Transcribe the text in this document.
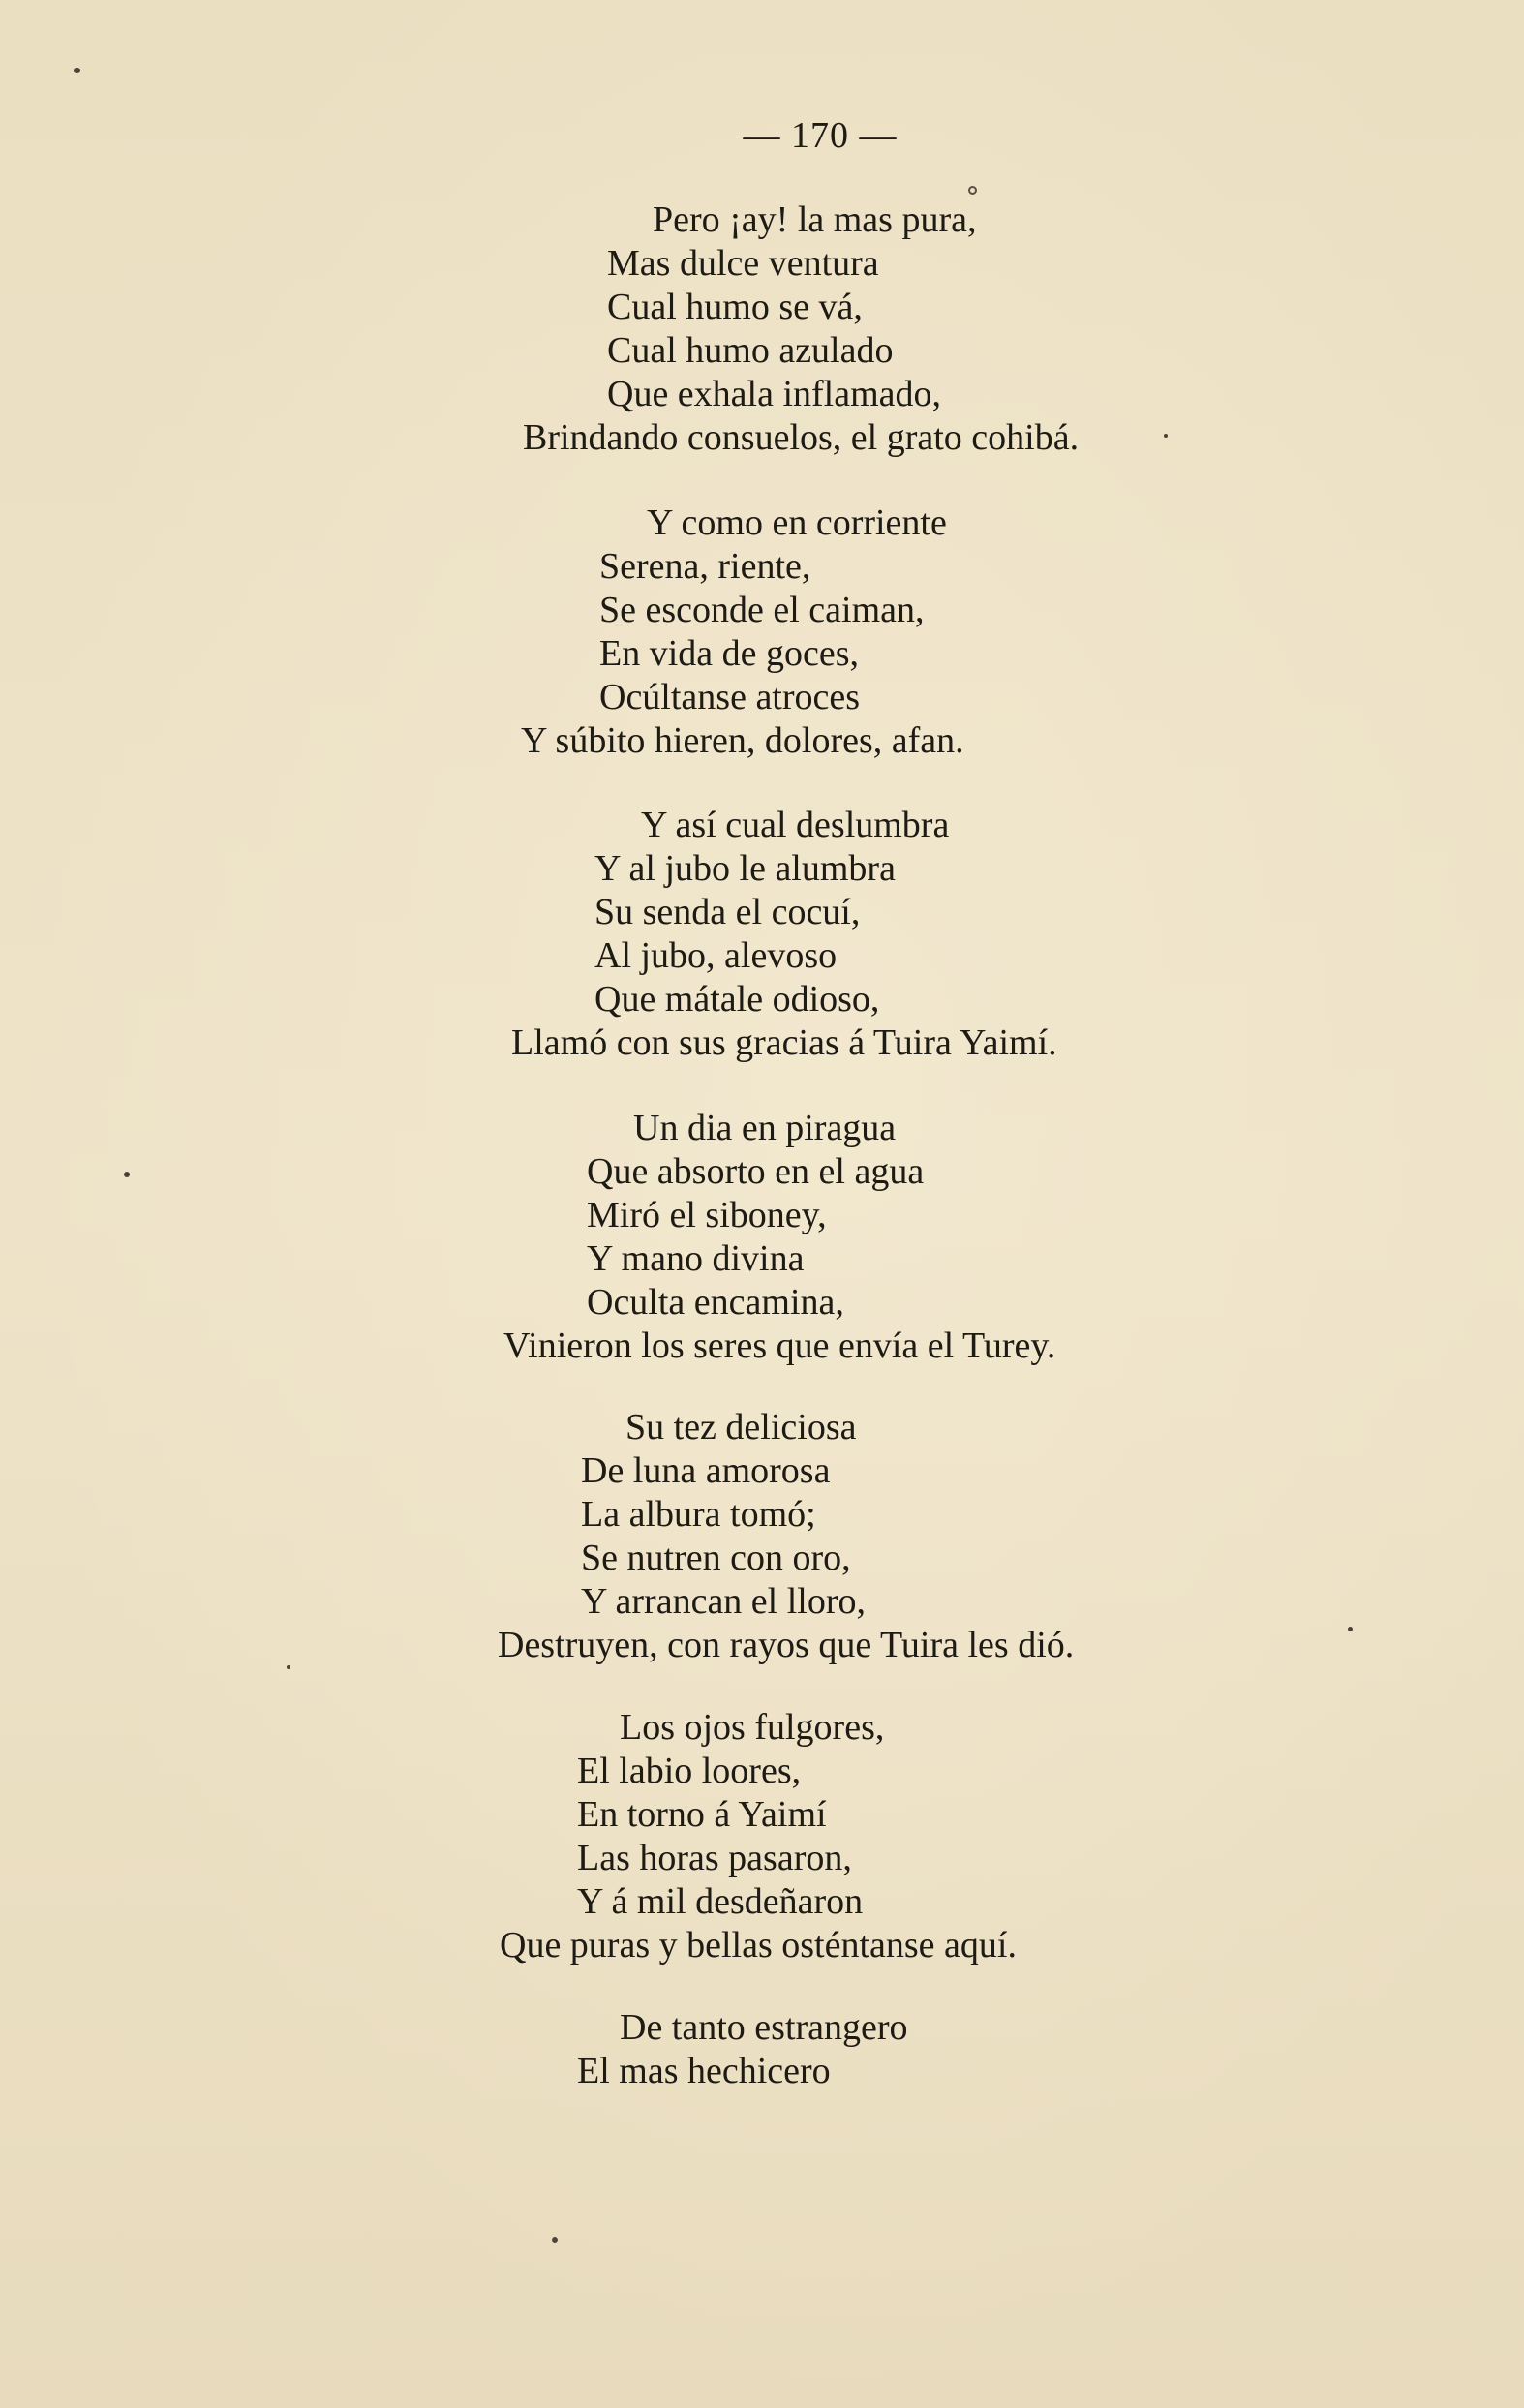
— 170 —
Pero ¡ay! la mas pura,
Mas dulce ventura
Cual humo se vá,
Cual humo azulado
Que exhala inflamado,
Brindando consuelos, el grato cohibá.
Y como en corriente
Serena, riente,
Se esconde el caiman,
En vida de goces,
Ocúltanse atroces
Y súbito hieren, dolores, afan.
Y así cual deslumbra
Y al jubo le alumbra
Su senda el cocuí,
Al jubo, alevoso
Que mátale odioso,
Llamó con sus gracias á Tuira Yaimí.
Un dia en piragua
Que absorto en el agua
Miró el siboney,
Y mano divina
Oculta encamina,
Vinieron los seres que envía el Turey.
Su tez deliciosa
De luna amorosa
La albura tomó;
Se nutren con oro,
Y arrancan el lloro,
Destruyen, con rayos que Tuira les dió.
Los ojos fulgores,
El labio loores,
En torno á Yaimí
Las horas pasaron,
Y á mil desdeñaron
Que puras y bellas osténtanse aquí.
De tanto estrangero
El mas hechicero
